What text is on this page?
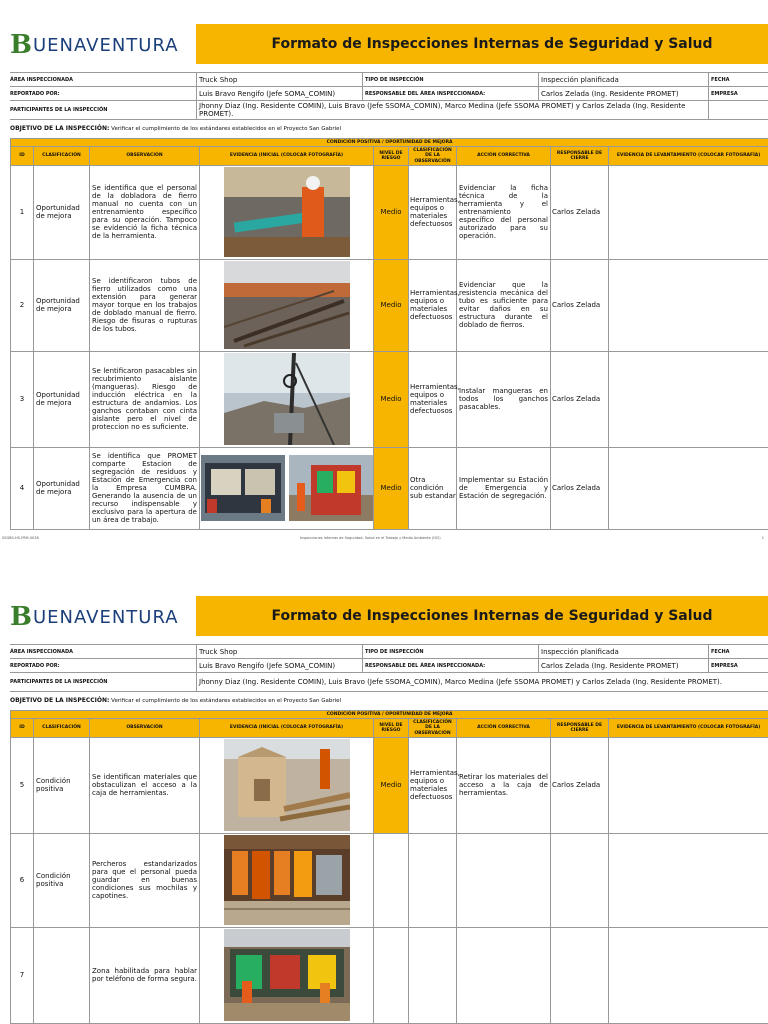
B UENAVENTURA	Formato de Inspecciones Internas de Seguridad y Salud
ÁREA INSPECCIONADA	Truck Shop	TIPO DE INSPECCIÓN	Inspección planificada	FECHA
REPORTADO POR:	Luis Bravo Rengifo (Jefe SOMA_COMIN)	RESPONSABLE DEL ÁREA INSPECCIONADA:	Carlos Zelada (Ing. Residente PROMET)	EMPRESA
PARTICIPANTES DE LA INSPECCIÓN	Jhonny Diaz (Ing. Residente COMIN), Luis Bravo (Jefe SSOMA_COMIN), Marco Medina (Jefe SSOMA PROMET) y Carlos Zelada (Ing. Residente PROMET).
OBJETIVO DE LA INSPECCIÓN: Verificar el cumplimiento de los estándares establecidos en el Proyecto San Gabriel
CONDICIÓN POSITIVA / OPORTUNIDAD DE MEJORA								
ID	CLASIFICACIÓN	OBSERVACIÓN	EVIDENCIA (INICIAL (COLOCAR FOTOGRAFÍA)	NIVEL DE RIESGO	CLASIFICACIÓN DE LA OBSERVACIÓN	ACCIÓN CORRECTIVA	RESPONSABLE DE CIERRE	EVIDENCIA DE LEVANTAMIENTO (COLOCAR FOTOGRAFÍA)
1	Oportunidad de mejora	Se identifica que el personal de la dobladora de fierro manual no cuenta con un entrenamiento específico para su operación. Tampoco se evidenció la ficha técnica de la herramienta.		Medio	Herramientas, equipos o materiales defectuosos	Evidenciar la ficha técnica de la herramienta y el entrenamiento específico del personal autorizado para su operación.	Carlos Zelada	
2	Oportunidad de mejora	Se identificaron tubos de fierro utilizados como una extensión para generar mayor torque en los trabajos de doblado manual de fierro. Riesgo de fisuras o rupturas de los tubos.		Medio	Herramientas, equipos o materiales defectuosos	Evidenciar que la resistencia mecánica del tubo es suficiente para evitar daños en su estructura durante el doblado de fierros.	Carlos Zelada	
3	Oportunidad de mejora	Se lentificaron pasacables sin recubrimiento aislante (mangueras). Riesgo de inducción eléctrica en la estructura de andamios. Los ganchos contaban con cinta aislante pero el nivel de proteccion no es suficiente.		Medio	Herramientas, equipos o materiales defectuosos	Instalar mangueras en todos los ganchos pasacables.	Carlos Zelada	
4	Oportunidad de mejora	Se identifica que PROMET comparte Estacion de segregación de residuos y Estación de Emergencia con la Empresa CUMBRA. Generando la ausencia de un recurso indispensable y exclusivo para la apertura de un área de trabajo.		Medio	Otra condición sub estandar	Implementar su Estación de Emergencia y Estación de segregación.	Carlos Zelada	
SSGBS-HS-FRM-0038	Inspecciones Internas de Seguridad, Salud en el Trabajo y Medio Ambiente (ISO)	1
B UENAVENTURA	Formato de Inspecciones Internas de Seguridad y Salud
ÁREA INSPECCIONADA	Truck Shop	TIPO DE INSPECCIÓN	Inspección planificada	FECHA
REPORTADO POR:	Luis Bravo Rengifo (Jefe SOMA_COMIN)	RESPONSABLE DEL ÁREA INSPECCIONADA:	Carlos Zelada (Ing. Residente PROMET)	EMPRESA
PARTICIPANTES DE LA INSPECCIÓN	Jhonny Diaz (Ing. Residente COMIN), Luis Bravo (Jefe SSOMA_COMIN), Marco Medina (Jefe SSOMA PROMET) y Carlos Zelada (Ing. Residente PROMET).
OBJETIVO DE LA INSPECCIÓN: Verificar el cumplimiento de los estándares establecidos en el Proyecto San Gabriel
CONDICIÓN POSITIVA / OPORTUNIDAD DE MEJORA								
ID	CLASIFICACIÓN	OBSERVACIÓN	EVIDENCIA (INICIAL (COLOCAR FOTOGRAFÍA)	NIVEL DE RIESGO	CLASIFICACIÓN DE LA OBSERVACIÓN	ACCIÓN CORRECTIVA	RESPONSABLE DE CIERRE	EVIDENCIA DE LEVANTAMIENTO (COLOCAR FOTOGRAFÍA)
5	Condición positiva	Se identifican materiales que obstaculizan el acceso a la caja de herramientas.		Medio	Herramientas, equipos o materiales defectuosos	Retirar los materiales del acceso a la caja de herramientas.	Carlos Zelada	
6	Condición positiva	Percheros estandarizados para que el personal pueda guardar en buenas condiciones sus mochilas y capotines.	

7		Zona habilitada para hablar por teléfono de forma segura.	
